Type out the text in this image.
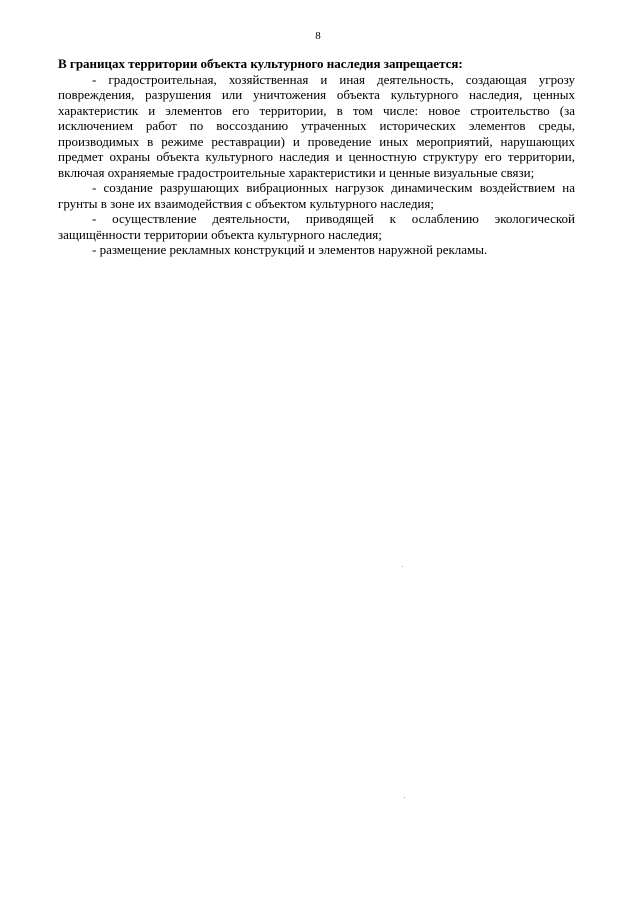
8

В границах территории объекта культурного наследия запрещается:

- градостроительная, хозяйственная и иная деятельность, создающая угрозу повреждения, разрушения или уничтожения объекта культурного наследия, ценных характеристик и элементов его территории, в том числе: новое строительство (за исключением работ по воссозданию утраченных исторических элементов среды, производимых в режиме реставрации) и проведение иных мероприятий, нарушающих предмет охраны объекта культурного наследия и ценностную структуру его территории, включая охраняемые градостроительные характеристики и ценные визуальные связи;

- создание разрушающих вибрационных нагрузок динамическим воздействием на грунты в зоне их взаимодействия с объектом культурного наследия;

- осуществление деятельности, приводящей к ослаблению экологической защищённости территории объекта культурного наследия;

- размещение рекламных конструкций и элементов наружной рекламы.
